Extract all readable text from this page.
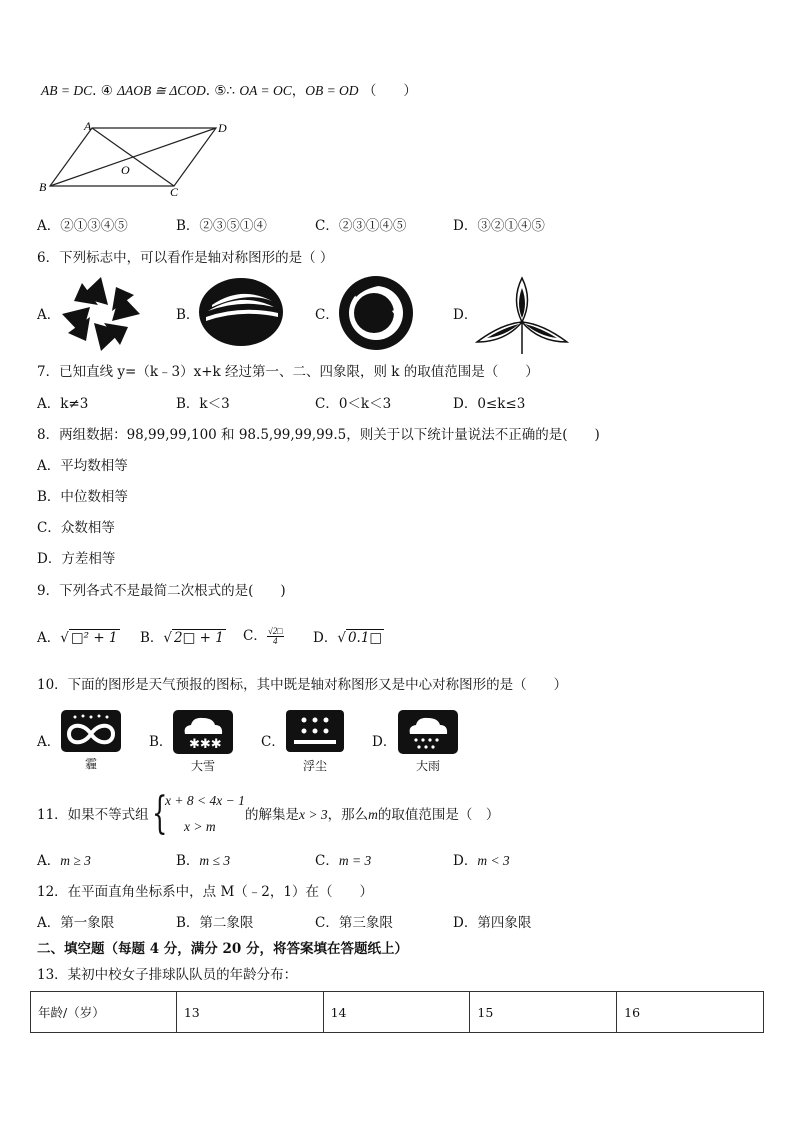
AB = DC. ④ ΔAOB ≅ ΔCOD. ⑤∴ OA = OC，OB = OD （　　）
A	D
B	C
O
A．②①③④⑤	B．②③⑤①④	C．②③①④⑤	D．③②①④⑤
6．下列标志中，可以看作是轴对称图形的是（ ）
A．	B．	C．	D．
7．已知直线 y=（k﹣3）x+k 经过第一、二、四象限，则 k 的取值范围是（　　）
A．k≠3	B．k＜3	C．0＜k＜3	D．0≤k≤3
8．两组数据：98,99,99,100 和 98.5,99,99,99.5，则关于以下统计量说法不正确的是(　　)
A．平均数相等
B．中位数相等
C．众数相等
D．方差相等
9．下列各式不是最简二次根式的是(　　)
A．√ □² + 1 B．√ 2□ + 1 C． $\frac{√2□}{4}$ D．√ 0.1□
10．下面的图形是天气预报的图标，其中既是轴对称图形又是中心对称图形的是（　　）
A．
霾
B． ✱✱✱
大雪
C．
浮尘
D．
大雨
11．如果不等式组 {
x + 8 < 4x − 1
x > m
的解集是x > 3，那么m的取值范围是（　）
A．m ≥ 3	B．m ≤ 3	C．m = 3	D．m < 3
12．在平面直角坐标系中，点 M（﹣2，1）在（　　）
A．第一象限	B．第二象限	C．第三象限	D．第四象限
二、填空题（每题 4 分，满分 20 分，将答案填在答题纸上）
13．某初中校女子排球队队员的年龄分布：
年龄/（岁）	13	14	15	16
